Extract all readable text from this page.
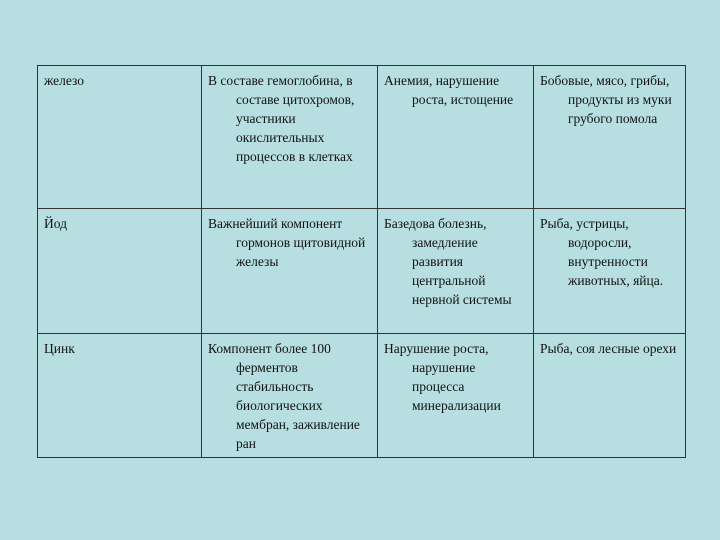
железо	В составе гемоглобина, в составе цитохромов, участники окислительных процессов в клетках	Анемия, нарушение роста, истощение	Бобовые, мясо, грибы, продукты из муки грубого помола

Йод	Важнейший компонент гормонов щитовидной железы	Базедова болезнь, замедление развития центральной нервной системы	Рыба, устрицы, водоросли, внутренности животных, яйца.

Цинк	Компонент более 100 ферментов стабильность биологических мембран, заживление ран	Нарушение роста, нарушение процесса минерализации	Рыба, соя лесные орехи
